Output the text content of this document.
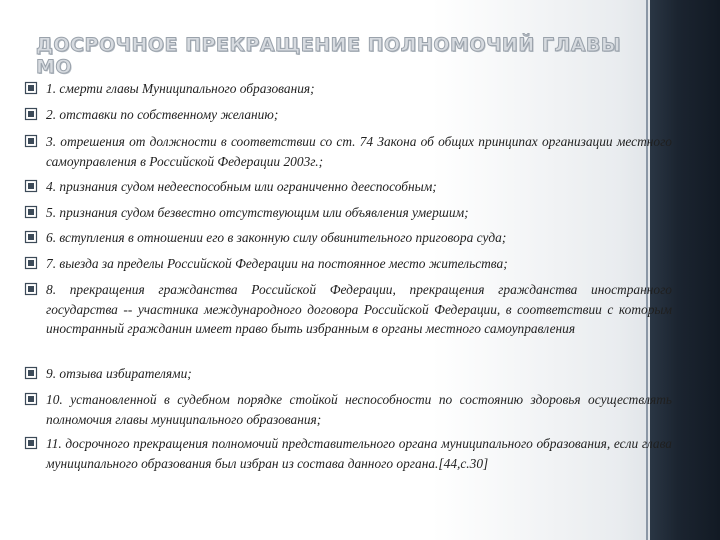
ДОСРОЧНОЕ ПРЕКРАЩЕНИЕ ПОЛНОМОЧИЙ ГЛАВЫ МО
1. смерти главы Муниципального образования;
2. отставки по собственному желанию;
3. отрешения от должности в соответствии со ст. 74 Закона об общих принципах организации местного самоуправления в Российской Федерации 2003г.;
4. признания судом недееспособным или ограниченно дееспособным;
5. признания судом безвестно отсутствующим или объявления умершим;
6. вступления в отношении его в законную силу обвинительного приговора суда;
7. выезда за пределы Российской Федерации на постоянное место жительства;
8. прекращения гражданства Российской Федерации, прекращения гражданства иностранного государства -- участника международного договора Российской Федерации, в соответствии с которым иностранный гражданин имеет право быть избранным в органы местного самоуправления
9. отзыва избирателями;
10. установленной в судебном порядке стойкой неспособности по состоянию здоровья осуществлять полномочия главы муниципального образования;
11. досрочного прекращения полномочий представительного органа муниципального образования, если глава муниципального образования был избран из состава данного органа.[44,с.30]
